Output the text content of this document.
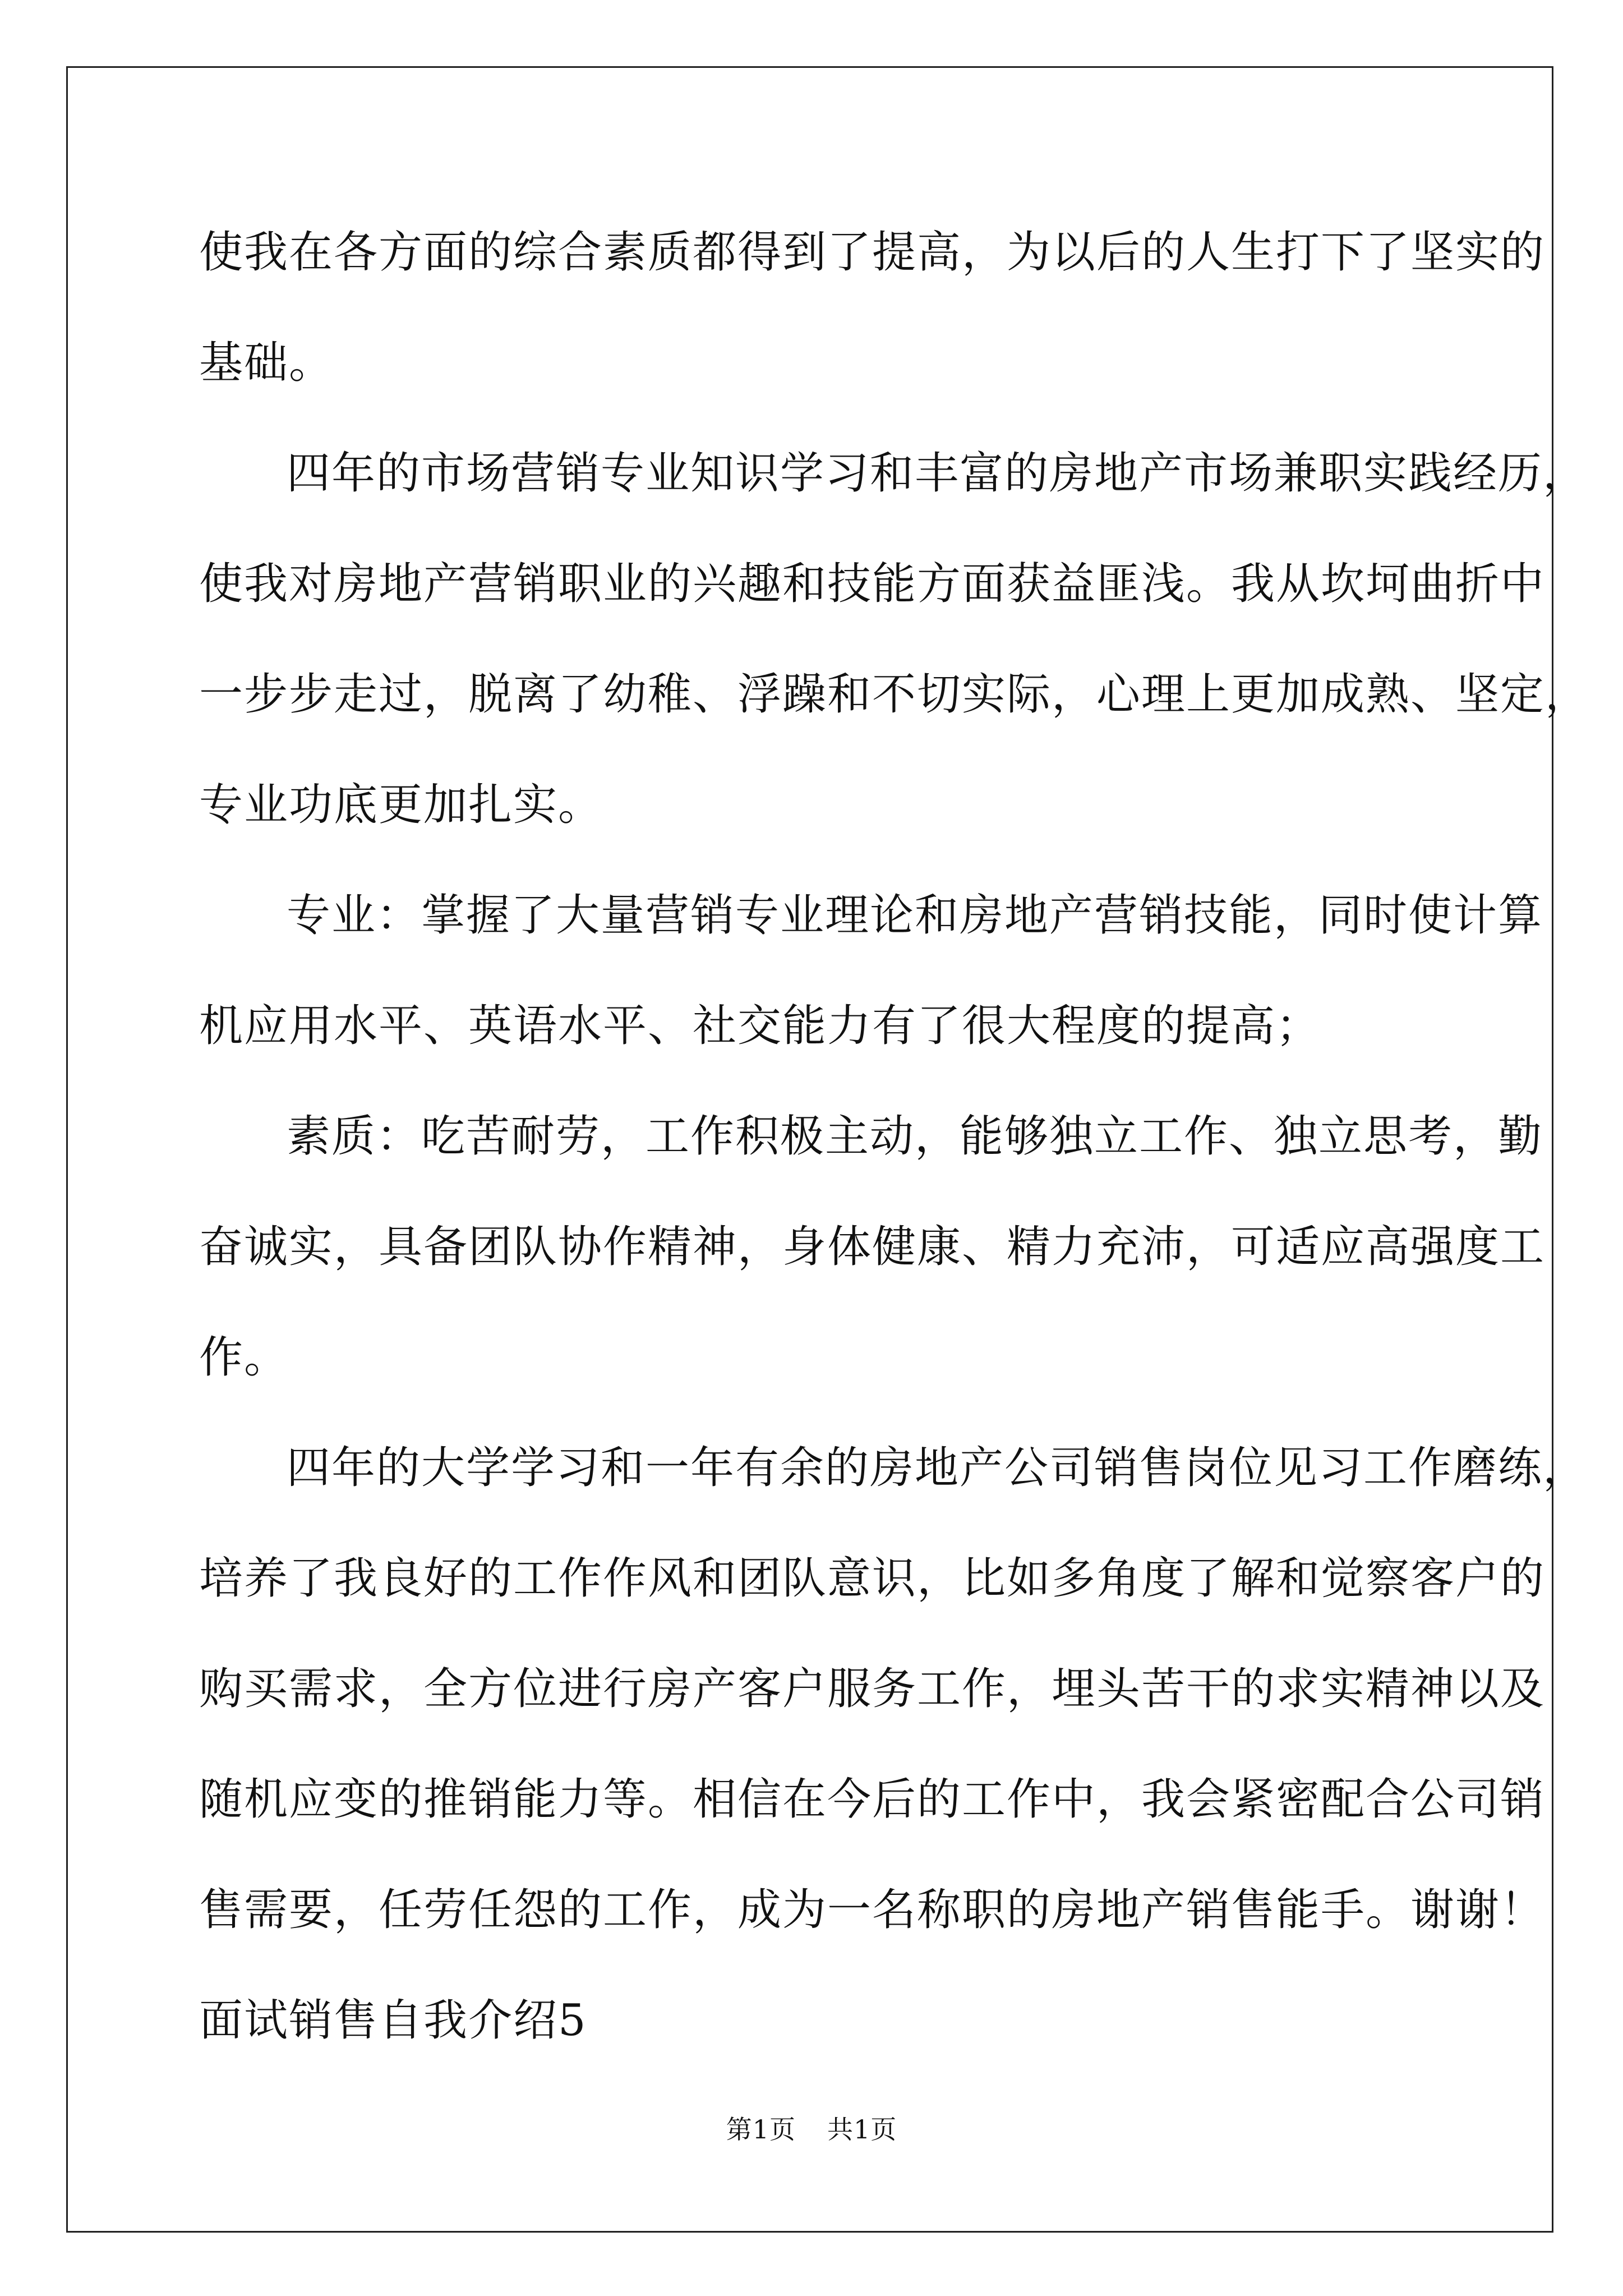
使我在各方面的综合素质都得到了提高，为以后的人生打下了坚实的
基础。
四年的市场营销专业知识学习和丰富的房地产市场兼职实践经历，
使我对房地产营销职业的兴趣和技能方面获益匪浅。我从坎坷曲折中
一步步走过，脱离了幼稚、浮躁和不切实际，心理上更加成熟、坚定，
专业功底更加扎实。
专业：掌握了大量营销专业理论和房地产营销技能，同时使计算
机应用水平、英语水平、社交能力有了很大程度的提高；
素质：吃苦耐劳，工作积极主动，能够独立工作、独立思考，勤
奋诚实，具备团队协作精神，身体健康、精力充沛，可适应高强度工
作。
四年的大学学习和一年有余的房地产公司销售岗位见习工作磨练，
培养了我良好的工作作风和团队意识，比如多角度了解和觉察客户的
购买需求，全方位进行房产客户服务工作，埋头苦干的求实精神以及
随机应变的推销能力等。相信在今后的工作中，我会紧密配合公司销
售需要，任劳任怨的工作，成为一名称职的房地产销售能手。谢谢！
面试销售自我介绍5
第1页 共1页
